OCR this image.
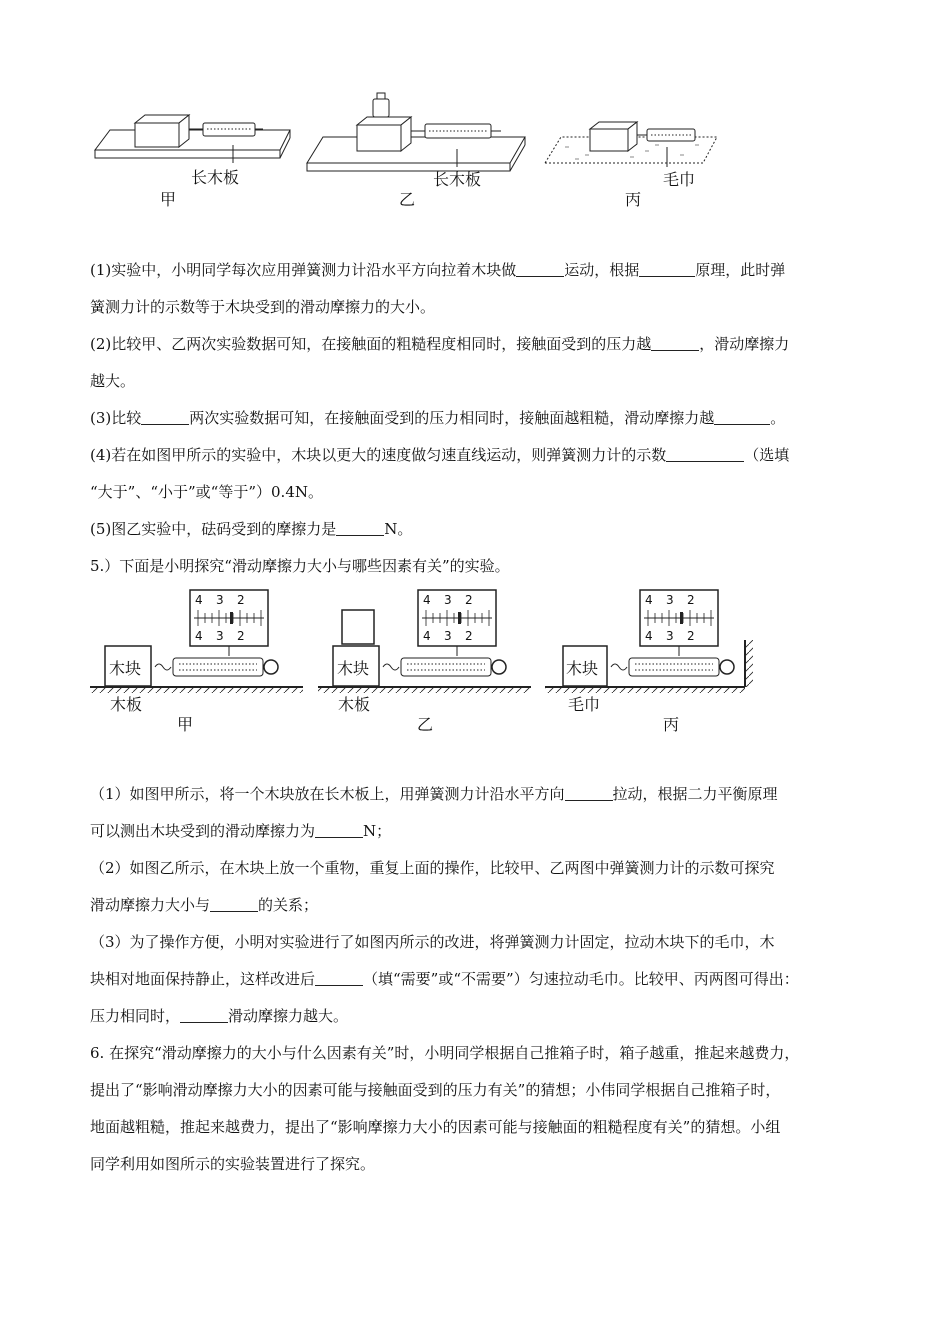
长木板
甲
长木板
乙
毛巾
丙

(1)实验中，小明同学每次应用弹簧测力计沿水平方向拉着木块做	运动，根据	原理，此时弹
簧测力计的示数等于木块受到的滑动摩擦力的大小。

(2)比较甲、乙两次实验数据可知，在接触面的粗糙程度相同时，接触面受到的压力越	，滑动摩擦力
越大。

(3)比较	两次实验数据可知，在接触面受到的压力相同时，接触面越粗糙，滑动摩擦力越	。

(4)若在如图甲所示的实验中，木块以更大的速度做匀速直线运动，则弹簧测力计的示数	（选填
“大于”、“小于”或“等于”）0.4N。

(5)图乙实验中，砝码受到的摩擦力是	N。

5.）下面是小明探究“滑动摩擦力大小与哪些因素有关”的实验。

4 3 2
4 3 2
木块
木板
甲
4 3 2
4 3 2
木块
木板
乙
4 3 2
4 3 2
木块
毛巾
丙

（1）如图甲所示，将一个木块放在长木板上，用弹簧测力计沿水平方向	拉动，根据二力平衡原理
可以测出木块受到的滑动摩擦力为	N；

（2）如图乙所示，在木块上放一个重物，重复上面的操作，比较甲、乙两图中弹簧测力计的示数可探究
滑动摩擦力大小与	的关系；

（3）为了操作方便，小明对实验进行了如图丙所示的改进，将弹簧测力计固定，拉动木块下的毛巾，木
块相对地面保持静止，这样改进后	（填“需要”或“不需要”）匀速拉动毛巾。比较甲、丙两图可得出：
压力相同时，	滑动摩擦力越大。

6. 在探究“滑动摩擦力的大小与什么因素有关”时，小明同学根据自己推箱子时，箱子越重，推起来越费力，
提出了“影响滑动摩擦力大小的因素可能与接触面受到的压力有关”的猜想；小伟同学根据自己推箱子时，
地面越粗糙，推起来越费力，提出了“影响摩擦力大小的因素可能与接触面的粗糙程度有关”的猜想。小组
同学利用如图所示的实验装置进行了探究。
